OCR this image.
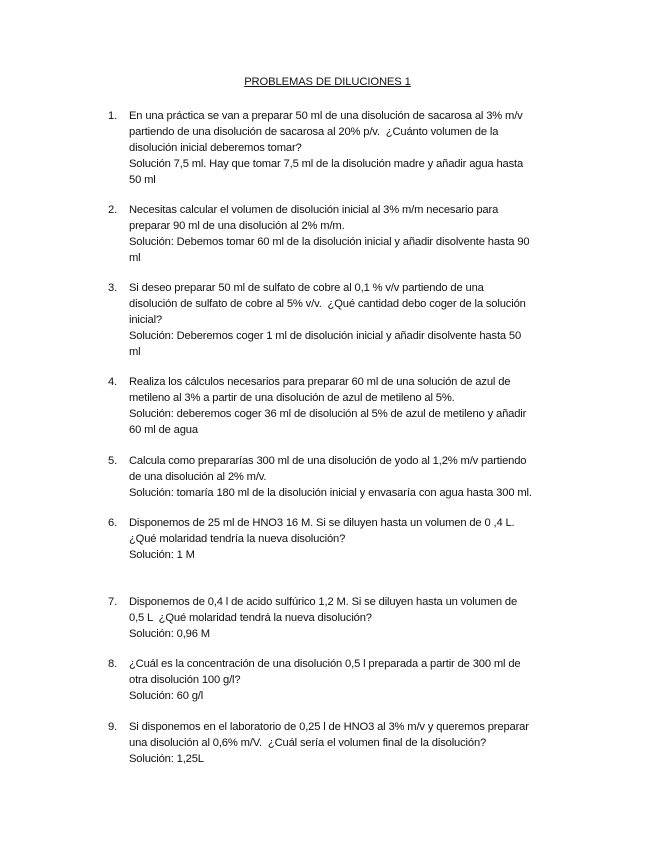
PROBLEMAS DE DILUCIONES 1
1.	En una práctica se van a preparar 50 ml de una disolución de sacarosa al 3% m/v
partiendo de una disolución de sacarosa al 20% p/v.  ¿Cuánto volumen de la
disolución inicial deberemos tomar?
Solución 7,5 ml. Hay que tomar 7,5 ml de la disolución madre y añadir agua hasta
50 ml
2.	Necesitas calcular el volumen de disolución inicial al 3% m/m necesario para
preparar 90 ml de una disolución al 2% m/m.
Solución: Debemos tomar 60 ml de la disolución inicial y añadir disolvente hasta 90
ml
3.	Si deseo preparar 50 ml de sulfato de cobre al 0,1 % v/v partiendo de una
disolución de sulfato de cobre al 5% v/v.  ¿Qué cantidad debo coger de la solución
inicial?
Solución: Deberemos coger 1 ml de disolución inicial y añadir disolvente hasta 50
ml
4.	Realiza los cálculos necesarios para preparar 60 ml de una solución de azul de
metileno al 3% a partir de una disolución de azul de metileno al 5%.
Solución: deberemos coger 36 ml de disolución al 5% de azul de metileno y añadir
60 ml de agua
5.	Calcula como prepararías 300 ml de una disolución de yodo al 1,2% m/v partiendo
de una disolución al 2% m/v.
Solución: tomaría 180 ml de la disolución inicial y envasaría con agua hasta 300 ml.
6.	Disponemos de 25 ml de HNO3 16 M. Si se diluyen hasta un volumen de 0 ,4 L.
¿Qué molaridad tendría la nueva disolución?
Solución: 1 M
7.	Disponemos de 0,4 l de acido sulfúrico 1,2 M. Si se diluyen hasta un volumen de
0,5 L  ¿Qué molaridad tendrá la nueva disolución?
Solución: 0,96 M
8.	¿Cuál es la concentración de una disolución 0,5 l preparada a partir de 300 ml de
otra disolución 100 g/l?
Solución: 60 g/l
9.	Si disponemos en el laboratorio de 0,25 l de HNO3 al 3% m/v y queremos preparar
una disolución al 0,6% m/V.  ¿Cuál sería el volumen final de la disolución?
Solución: 1,25L
